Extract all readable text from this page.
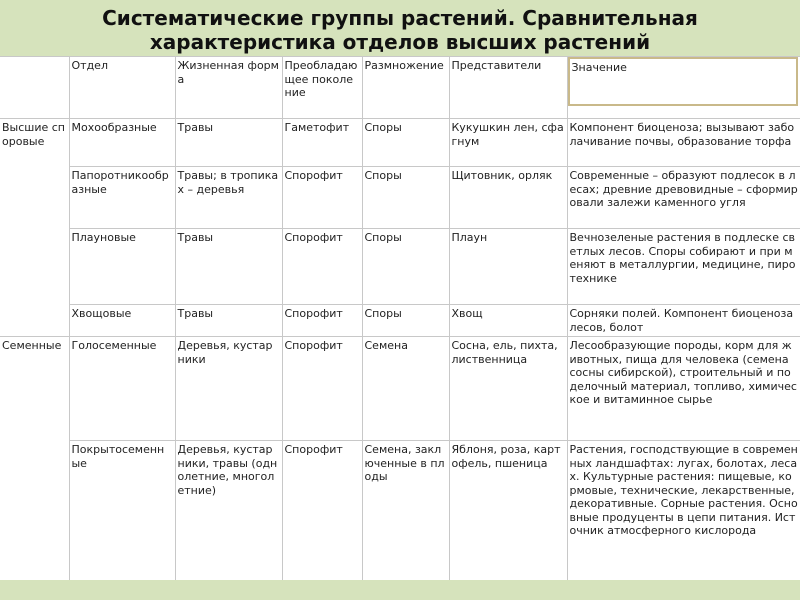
Систематические группы растений. Сравнительная
характеристика отделов высших растений
	Отдел	Жизненная форма	Преобладающее поколение	Размножение	Представители	Значение

Высшие споровые	Мохообразные	Травы	Гаметофит	Споры	Кукушкин лен, сфагнум	Компонент биоценоза; вызывают заболачивание почвы, образование торфа
	Папоротникообразные	Травы; в тропиках – деревья	Спорофит	Споры	Щитовник, орляк	Современные – образуют подлесок в лесах; древние древовидные – сформировали залежи каменного угля
	Плауновые	Травы	Спорофит	Споры	Плаун	Вечнозеленые растения в подлеске светлых лесов. Споры собирают и при меняют в металлургии, медицине, пиротехнике
	Хвощовые	Травы	Спорофит	Споры	Хвощ	Сорняки полей. Компонент биоценоза лесов, болот
Семенные	Голосеменные	Деревья, кустарники	Спорофит	Семена	Сосна, ель, пихта, лиственница	Лесообразующие породы, корм для животных, пища для человека (семена сосны сибирской), строительный и поделочный материал, топливо, химическое и витаминное сырье
	Покрытосеменные	Деревья, кустарники, травы (однолетние, многолетние)	Спорофит	Семена, заключенные в плоды	Яблоня, роза, картофель, пшеница	Растения, господствующие в современных ландшафтах: лугах, болотах, лесах. Культурные растения: пищевые, кормовые, технические, лекарственные, декоративные. Сорные растения. Основные продуценты в цепи питания. Источник атмосферного кислорода
